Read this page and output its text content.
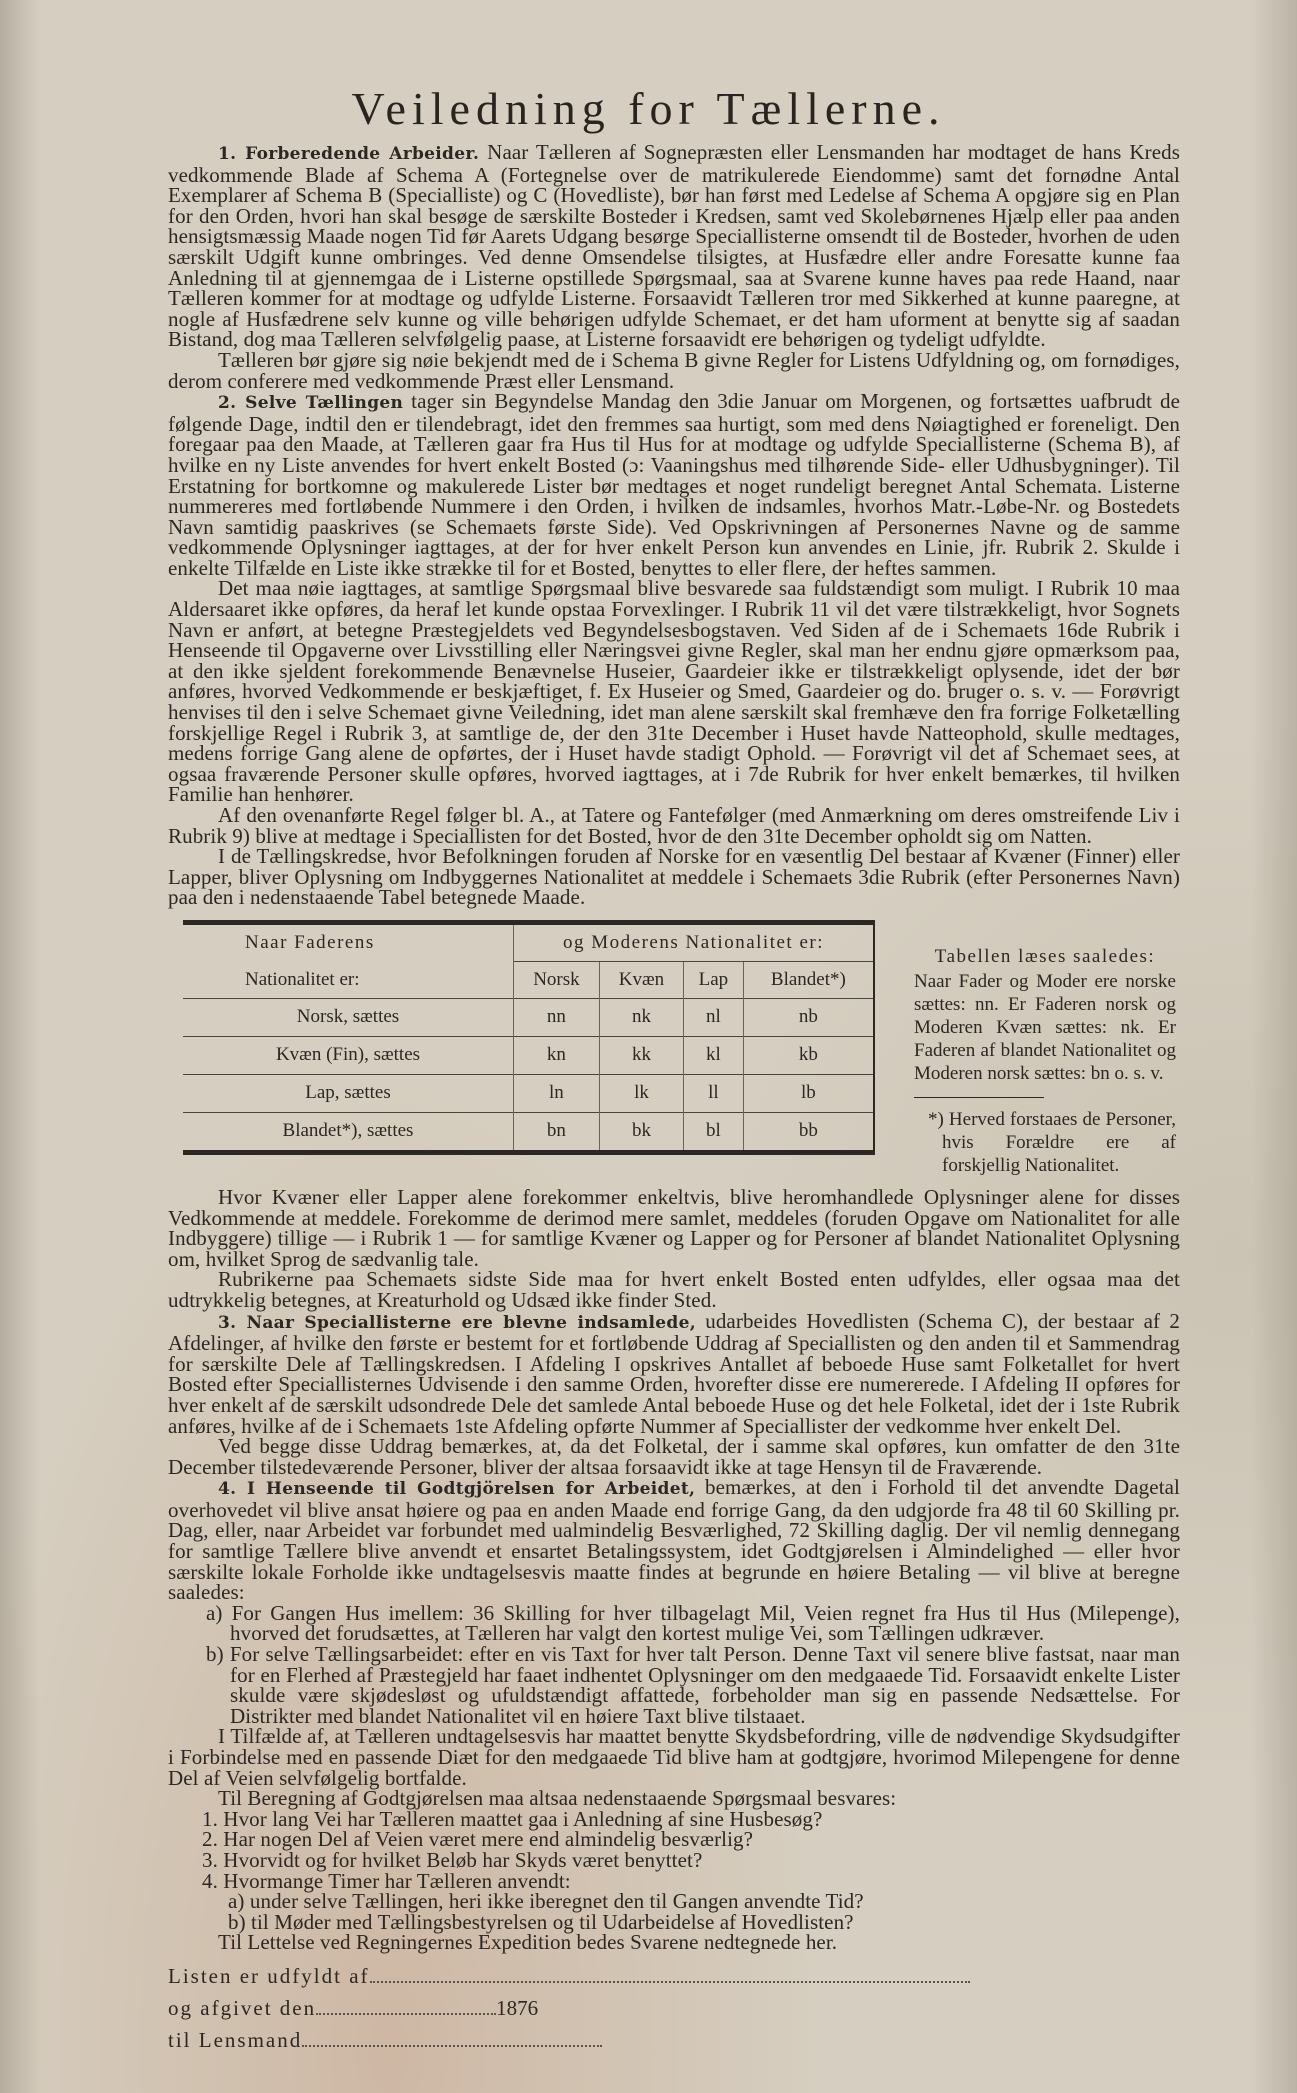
Veiledning for Tællerne.

1. Forberedende Arbeider. Naar Tælleren af Sognepræsten eller Lensmanden har modtaget de hans Kreds vedkommende Blade af Schema A (Fortegnelse over de matrikulerede Eiendomme) samt det fornødne Antal Exemplarer af Schema B (Specialliste) og C (Hovedliste), bør han først med Ledelse af Schema A opgjøre sig en Plan for den Orden, hvori han skal besøge de særskilte Bosteder i Kredsen, samt ved Skolebørnenes Hjælp eller paa anden hensigtsmæssig Maade nogen Tid før Aarets Udgang besørge Speciallisterne omsendt til de Bosteder, hvorhen de uden særskilt Udgift kunne ombringes. Ved denne Omsendelse tilsigtes, at Husfædre eller andre Foresatte kunne faa Anledning til at gjennemgaa de i Listerne opstillede Spørgsmaal, saa at Svarene kunne haves paa rede Haand, naar Tælleren kommer for at modtage og udfylde Listerne. Forsaavidt Tælleren tror med Sikkerhed at kunne paaregne, at nogle af Husfædrene selv kunne og ville behørigen udfylde Schemaet, er det ham uforment at benytte sig af saadan Bistand, dog maa Tælleren selvfølgelig paase, at Listerne forsaavidt ere behørigen og tydeligt udfyldte.

Tælleren bør gjøre sig nøie bekjendt med de i Schema B givne Regler for Listens Udfyldning og, om fornødiges, derom conferere med vedkommende Præst eller Lensmand.

2. Selve Tællingen tager sin Begyndelse Mandag den 3die Januar om Morgenen, og fortsættes uafbrudt de følgende Dage, indtil den er tilendebragt, idet den fremmes saa hurtigt, som med dens Nøiagtighed er foreneligt. Den foregaar paa den Maade, at Tælleren gaar fra Hus til Hus for at modtage og udfylde Speciallisterne (Schema B), af hvilke en ny Liste anvendes for hvert enkelt Bosted (ɔ: Vaaningshus med tilhørende Side- eller Udhusbygninger). Til Erstatning for bortkomne og makulerede Lister bør medtages et noget rundeligt beregnet Antal Schemata. Listerne nummereres med fortløbende Nummere i den Orden, i hvilken de indsamles, hvorhos Matr.-Løbe-Nr. og Bostedets Navn samtidig paaskrives (se Schemaets første Side). Ved Opskrivningen af Personernes Navne og de samme vedkommende Oplysninger iagttages, at der for hver enkelt Person kun anvendes en Linie, jfr. Rubrik 2. Skulde i enkelte Tilfælde en Liste ikke strække til for et Bosted, benyttes to eller flere, der heftes sammen.

Det maa nøie iagttages, at samtlige Spørgsmaal blive besvarede saa fuldstændigt som muligt. I Rubrik 10 maa Aldersaaret ikke opføres, da heraf let kunde opstaa Forvexlinger. I Rubrik 11 vil det være tilstrækkeligt, hvor Sognets Navn er anført, at betegne Præstegjeldets ved Begyndelsesbogstaven. Ved Siden af de i Schemaets 16de Rubrik i Henseende til Opgaverne over Livsstilling eller Næringsvei givne Regler, skal man her endnu gjøre opmærksom paa, at den ikke sjeldent forekommende Benævnelse Huseier, Gaardeier ikke er tilstrækkeligt oplysende, idet der bør anføres, hvorved Vedkommende er beskjæftiget, f. Ex Huseier og Smed, Gaardeier og do. bruger o. s. v. — Forøvrigt henvises til den i selve Schemaet givne Veiledning, idet man alene særskilt skal fremhæve den fra forrige Folketælling forskjellige Regel i Rubrik 3, at samtlige de, der den 31te December i Huset havde Natteophold, skulle medtages, medens forrige Gang alene de opførtes, der i Huset havde stadigt Ophold. — Forøvrigt vil det af Schemaet sees, at ogsaa fraværende Personer skulle opføres, hvorved iagttages, at i 7de Rubrik for hver enkelt bemærkes, til hvilken Familie han henhører.

Af den ovenanførte Regel følger bl. A., at Tatere og Fantefølger (med Anmærkning om deres omstreifende Liv i Rubrik 9) blive at medtage i Speciallisten for det Bosted, hvor de den 31te December opholdt sig om Natten.

I de Tællingskredse, hvor Befolkningen foruden af Norske for en væsentlig Del bestaar af Kvæner (Finner) eller Lapper, bliver Oplysning om Indbyggernes Nationalitet at meddele i Schemaets 3die Rubrik (efter Personernes Navn) paa den i nedenstaaende Tabel betegnede Maade.

Naar Faderens	og Moderens Nationalitet er:			
Nationalitet er:	Norsk	Kvæn	Lap	Blandet*)
Norsk, sættes	nn	nk	nl	nb
Kvæn (Fin), sættes	kn	kk	kl	kb
Lap, sættes	ln	lk	ll	lb
Blandet*), sættes	bn	bk	bl	bb
Tabellen læses saaledes:
Naar Fader og Moder ere norske sættes: nn. Er Faderen norsk og Moderen Kvæn sættes: nk. Er Faderen af blandet Nationalitet og Moderen norsk sættes: bn o. s. v.
*) Herved forstaaes de Personer, hvis Forældre ere af forskjellig Nationalitet.

Hvor Kvæner eller Lapper alene forekommer enkeltvis, blive heromhandlede Oplysninger alene for disses Vedkommende at meddele. Forekomme de derimod mere samlet, meddeles (foruden Opgave om Nationalitet for alle Indbyggere) tillige — i Rubrik 1 — for samtlige Kvæner og Lapper og for Personer af blandet Nationalitet Oplysning om, hvilket Sprog de sædvanlig tale.

Rubrikerne paa Schemaets sidste Side maa for hvert enkelt Bosted enten udfyldes, eller ogsaa maa det udtrykkelig betegnes, at Kreaturhold og Udsæd ikke finder Sted.

3. Naar Speciallisterne ere blevne indsamlede, udarbeides Hovedlisten (Schema C), der bestaar af 2 Afdelinger, af hvilke den første er bestemt for et fortløbende Uddrag af Speciallisten og den anden til et Sammendrag for særskilte Dele af Tællingskredsen. I Afdeling I opskrives Antallet af beboede Huse samt Folketallet for hvert Bosted efter Speciallisternes Udvisende i den samme Orden, hvorefter disse ere numererede. I Afdeling II opføres for hver enkelt af de særskilt udsondrede Dele det samlede Antal beboede Huse og det hele Folketal, idet der i 1ste Rubrik anføres, hvilke af de i Schemaets 1ste Afdeling opførte Nummer af Speciallister der vedkomme hver enkelt Del.

Ved begge disse Uddrag bemærkes, at, da det Folketal, der i samme skal opføres, kun omfatter de den 31te December tilstedeværende Personer, bliver der altsaa forsaavidt ikke at tage Hensyn til de Fraværende.

4. I Henseende til Godtgjörelsen for Arbeidet, bemærkes, at den i Forhold til det anvendte Dagetal overhovedet vil blive ansat høiere og paa en anden Maade end forrige Gang, da den udgjorde fra 48 til 60 Skilling pr. Dag, eller, naar Arbeidet var forbundet med ualmindelig Besværlighed, 72 Skilling daglig. Der vil nemlig dennegang for samtlige Tællere blive anvendt et ensartet Betalingssystem, idet Godtgjørelsen i Almindelighed — eller hvor særskilte lokale Forholde ikke undtagelsesvis maatte findes at begrunde en høiere Betaling — vil blive at beregne saaledes:

a) For Gangen Hus imellem: 36 Skilling for hver tilbagelagt Mil, Veien regnet fra Hus til Hus (Milepenge), hvorved det forudsættes, at Tælleren har valgt den kortest mulige Vei, som Tællingen udkræver.

b) For selve Tællingsarbeidet: efter en vis Taxt for hver talt Person. Denne Taxt vil senere blive fastsat, naar man for en Flerhed af Præstegjeld har faaet indhentet Oplysninger om den medgaaede Tid. Forsaavidt enkelte Lister skulde være skjødesløst og ufuldstændigt affattede, forbeholder man sig en passende Nedsættelse. For Distrikter med blandet Nationalitet vil en høiere Taxt blive tilstaaet.

I Tilfælde af, at Tælleren undtagelsesvis har maattet benytte Skydsbefordring, ville de nødvendige Skydsudgifter i Forbindelse med en passende Diæt for den medgaaede Tid blive ham at godtgjøre, hvorimod Milepengene for denne Del af Veien selvfølgelig bortfalde.

Til Beregning af Godtgjørelsen maa altsaa nedenstaaende Spørgsmaal besvares:

1. Hvor lang Vei har Tælleren maattet gaa i Anledning af sine Husbesøg?

2. Har nogen Del af Veien været mere end almindelig besværlig?

3. Hvorvidt og for hvilket Beløb har Skyds været benyttet?

4. Hvormange Timer har Tælleren anvendt:

a) under selve Tællingen, heri ikke iberegnet den til Gangen anvendte Tid?

b) til Møder med Tællingsbestyrelsen og til Udarbeidelse af Hovedlisten?

Til Lettelse ved Regningernes Expedition bedes Svarene nedtegnede her.

Listen er udfyldt af
og afgivet den	1876
til Lensmand
